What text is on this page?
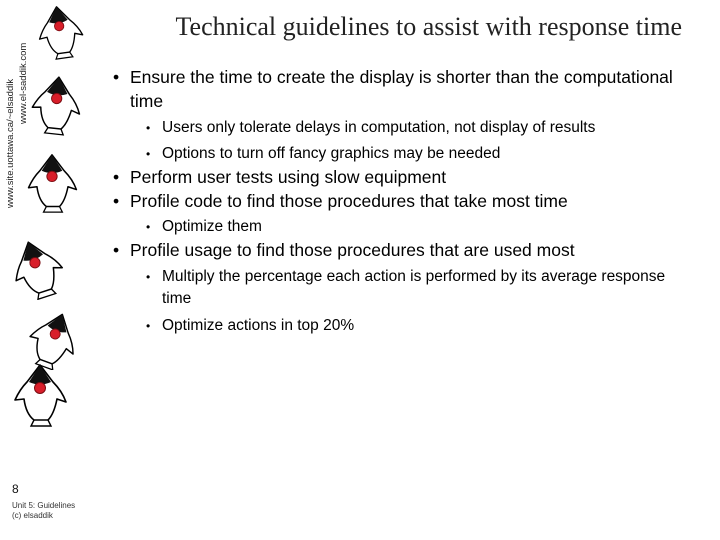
www.site.uottawa.ca/~elsaddik www.el-saddik.com
Technical guidelines to assist with response time
• Ensure the time to create the display is shorter than the computational time
• Users only tolerate delays in computation, not display of results
• Options to turn off fancy graphics may be needed
• Perform user tests using slow equipment
• Profile code to find those procedures that take most time
• Optimize them
• Profile usage to find those procedures that are used most
• Multiply the percentage each action is performed by its average response time
• Optimize actions in top 20%
8
Unit 5: Guidelines
(c) elsaddik
